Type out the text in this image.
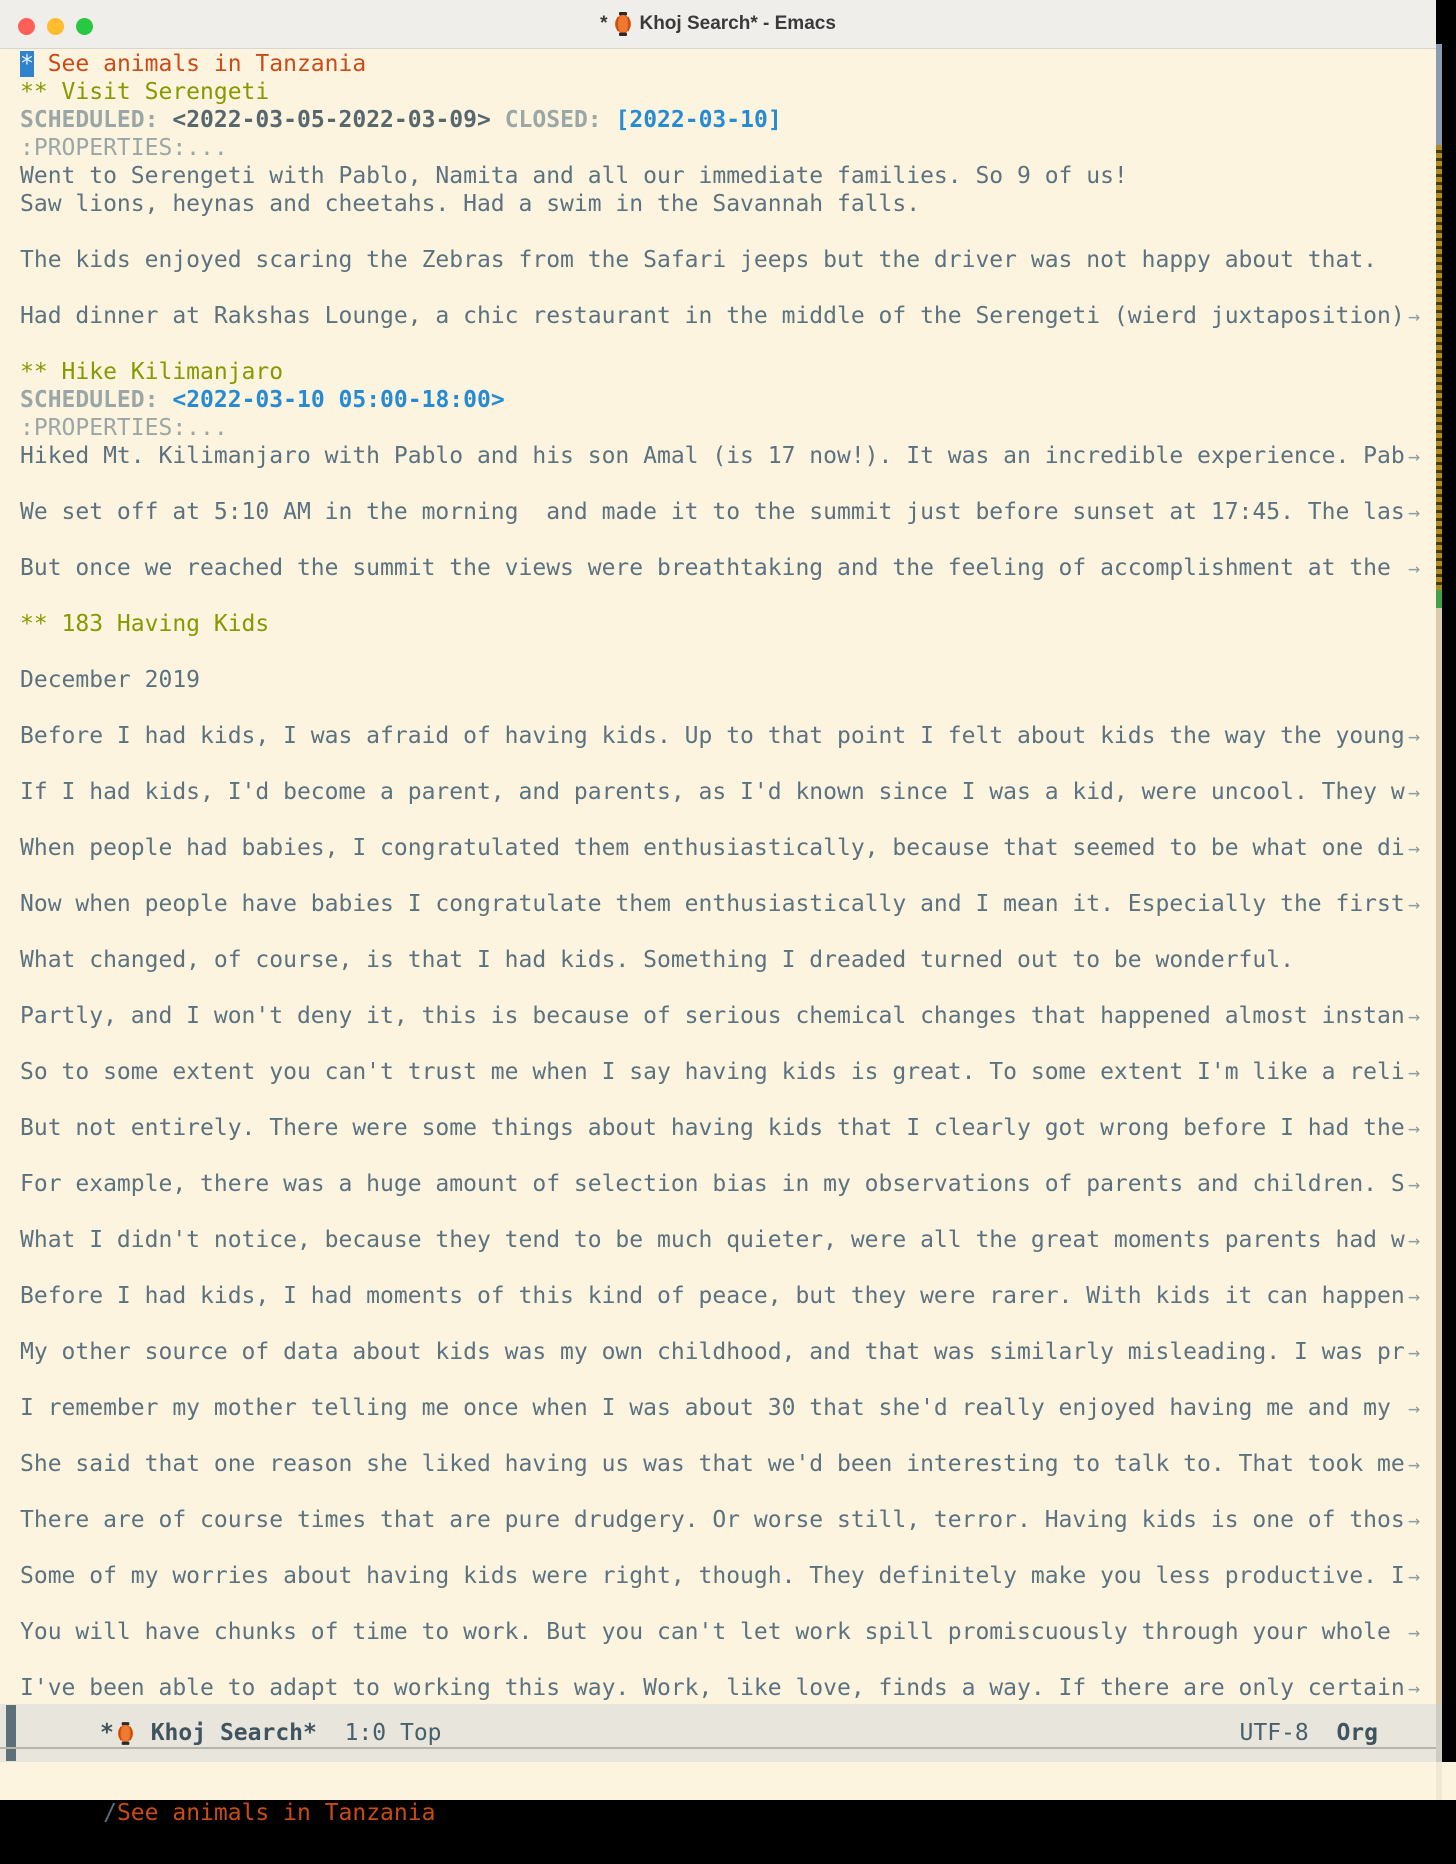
* Khoj Search* - Emacs
* See animals in Tanzania
** Visit Serengeti
SCHEDULED: <2022-03-05-2022-03-09> CLOSED: [2022-03-10]
:PROPERTIES:...
Went to Serengeti with Pablo, Namita and all our immediate families. So 9 of us!
Saw lions, heynas and cheetahs. Had a swim in the Savannah falls.
The kids enjoyed scaring the Zebras from the Safari jeeps but the driver was not happy about that.
Had dinner at Rakshas Lounge, a chic restaurant in the middle of the Serengeti (wierd juxtaposition) →
** Hike Kilimanjaro
SCHEDULED: <2022-03-10 05:00-18:00>
:PROPERTIES:...
Hiked Mt. Kilimanjaro with Pablo and his son Amal (is 17 now!). It was an incredible experience. Pab →
We set off at 5:10 AM in the morning  and made it to the summit just before sunset at 17:45. The las →
But once we reached the summit the views were breathtaking and the feeling of accomplishment at the →
** 183 Having Kids
December 2019
Before I had kids, I was afraid of having kids. Up to that point I felt about kids the way the young →
If I had kids, I'd become a parent, and parents, as I'd known since I was a kid, were uncool. They w →
When people had babies, I congratulated them enthusiastically, because that seemed to be what one di →
Now when people have babies I congratulate them enthusiastically and I mean it. Especially the first →
What changed, of course, is that I had kids. Something I dreaded turned out to be wonderful.
Partly, and I won't deny it, this is because of serious chemical changes that happened almost instan →
So to some extent you can't trust me when I say having kids is great. To some extent I'm like a reli →
But not entirely. There were some things about having kids that I clearly got wrong before I had the →
For example, there was a huge amount of selection bias in my observations of parents and children. S →
What I didn't notice, because they tend to be much quieter, were all the great moments parents had w →
Before I had kids, I had moments of this kind of peace, but they were rarer. With kids it can happen →
My other source of data about kids was my own childhood, and that was similarly misleading. I was pr →
I remember my mother telling me once when I was about 30 that she'd really enjoyed having me and my →
She said that one reason she liked having us was that we'd been interesting to talk to. That took me →
There are of course times that are pure drudgery. Or worse still, terror. Having kids is one of thos →
Some of my worries about having kids were right, though. They definitely make you less productive. I →
You will have chunks of time to work. But you can't let work spill promiscuously through your whole →
I've been able to adapt to working this way. Work, like love, finds a way. If there are only certain →
* Khoj Search*
1:0
Top	UTF-8 Org

/See animals in Tanzania
